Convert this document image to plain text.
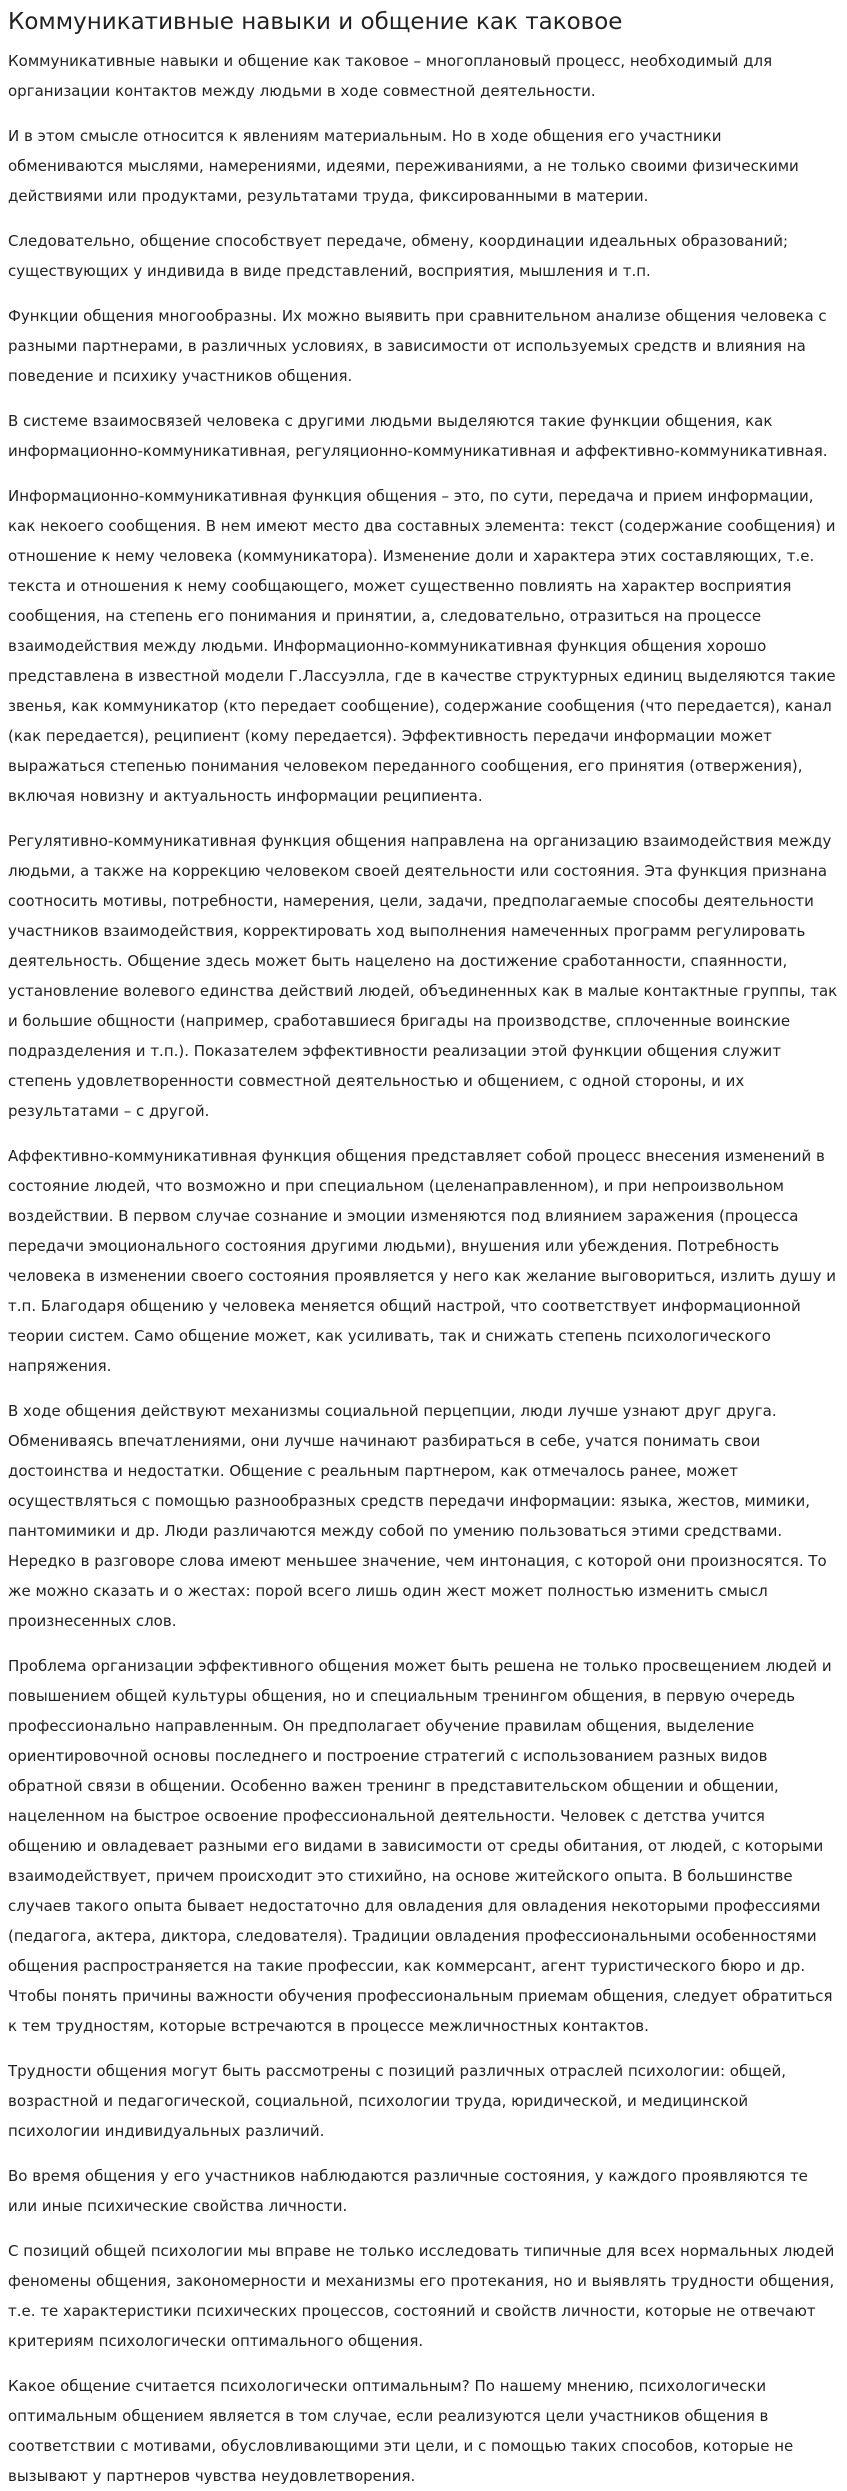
Коммуникативные навыки и общение как таковое

Коммуникативные навыки и общение как таковое – многоплановый процесс, необходимый для организации контактов между людьми в ходе совместной деятельности.

И в этом смысле относится к явлениям материальным. Но в ходе общения его участники обмениваются мыслями, намерениями, идеями, переживаниями, а не только своими физическими действиями или продуктами, результатами труда, фиксированными в материи.

Следовательно, общение способствует передаче, обмену, координации идеальных образований; существующих у индивида в виде представлений, восприятия, мышления и т.п.

Функции общения многообразны. Их можно выявить при сравнительном анализе общения человека с разными партнерами, в различных условиях, в зависимости от используемых средств и влияния на поведение и психику участников общения.

В системе взаимосвязей человека с другими людьми выделяются такие функции общения, как информационно-коммуникативная, регуляционно-коммуникативная и аффективно-коммуникативная.

Информационно-коммуникативная функция общения – это, по сути, передача и прием информации, как некоего сообщения. В нем имеют место два составных элемента: текст (содержание сообщения) и отношение к нему человека (коммуникатора). Изменение доли и характера этих составляющих, т.е. текста и отношения к нему сообщающего, может существенно повлиять на характер восприятия сообщения, на степень его понимания и принятии, а, следовательно, отразиться на процессе взаимодействия между людьми. Информационно-коммуникативная функция общения хорошо представлена в известной модели Г.Лассуэлла, где в качестве структурных единиц выделяются такие звенья, как коммуникатор (кто передает сообщение), содержание сообщения (что передается), канал (как передается), реципиент (кому передается). Эффективность передачи информации может выражаться степенью понимания человеком переданного сообщения, его принятия (отвержения), включая новизну и актуальность информации реципиента.

Регулятивно-коммуникативная функция общения направлена на организацию взаимодействия между людьми, а также на коррекцию человеком своей деятельности или состояния. Эта функция признана соотносить мотивы, потребности, намерения, цели, задачи, предполагаемые способы деятельности участников взаимодействия, корректировать ход выполнения намеченных программ регулировать деятельность. Общение здесь может быть нацелено на достижение сработанности, спаянности, установление волевого единства действий людей, объединенных как в малые контактные группы, так и большие общности (например, сработавшиеся бригады на производстве, сплоченные воинские подразделения и т.п.). Показателем эффективности реализации этой функции общения служит степень удовлетворенности совместной деятельностью и общением, с одной стороны, и их результатами – с другой.

Аффективно-коммуникативная функция общения представляет собой процесс внесения изменений в состояние людей, что возможно и при специальном (целенаправленном), и при непроизвольном воздействии. В первом случае сознание и эмоции изменяются под влиянием заражения (процесса передачи эмоционального состояния другими людьми), внушения или убеждения. Потребность человека в изменении своего состояния проявляется у него как желание выговориться, излить душу и т.п. Благодаря общению у человека меняется общий настрой, что соответствует информационной теории систем. Само общение может, как усиливать, так и снижать степень психологического напряжения.

В ходе общения действуют механизмы социальной перцепции, люди лучше узнают друг друга. Обмениваясь впечатлениями, они лучше начинают разбираться в себе, учатся понимать свои достоинства и недостатки. Общение с реальным партнером, как отмечалось ранее, может осуществляться с помощью разнообразных средств передачи информации: языка, жестов, мимики, пантомимики и др. Люди различаются между собой по умению пользоваться этими средствами. Нередко в разговоре слова имеют меньшее значение, чем интонация, с которой они произносятся. То же можно сказать и о жестах: порой всего лишь один жест может полностью изменить смысл произнесенных слов.

Проблема организации эффективного общения может быть решена не только просвещением людей и повышением общей культуры общения, но и специальным тренингом общения, в первую очередь профессионально направленным. Он предполагает обучение правилам общения, выделение ориентировочной основы последнего и построение стратегий с использованием разных видов обратной связи в общении. Особенно важен тренинг в представительском общении и общении, нацеленном на быстрое освоение профессиональной деятельности. Человек с детства учится общению и овладевает разными его видами в зависимости от среды обитания, от людей, с которыми взаимодействует, причем происходит это стихийно, на основе житейского опыта. В большинстве случаев такого опыта бывает недостаточно для овладения для овладения некоторыми профессиями (педагога, актера, диктора, следователя). Традиции овладения профессиональными особенностями общения распространяется на такие профессии, как коммерсант, агент туристического бюро и др. Чтобы понять причины важности обучения профессиональным приемам общения, следует обратиться к тем трудностям, которые встречаются в процессе межличностных контактов.

Трудности общения могут быть рассмотрены с позиций различных отраслей психологии: общей, возрастной и педагогической, социальной, психологии труда, юридической, и медицинской психологии индивидуальных различий.

Во время общения у его участников наблюдаются различные состояния, у каждого проявляются те или иные психические свойства личности.

С позиций общей психологии мы вправе не только исследовать типичные для всех нормальных людей феномены общения, закономерности и механизмы его протекания, но и выявлять трудности общения, т.е. те характеристики психических процессов, состояний и свойств личности, которые не отвечают критериям психологически оптимального общения.

Какое общение считается психологически оптимальным? По нашему мнению, психологически оптимальным общением является в том случае, если реализуются цели участников общения в соответствии с мотивами, обусловливающими эти цели, и с помощью таких способов, которые не вызывают у партнеров чувства неудовлетворения.
